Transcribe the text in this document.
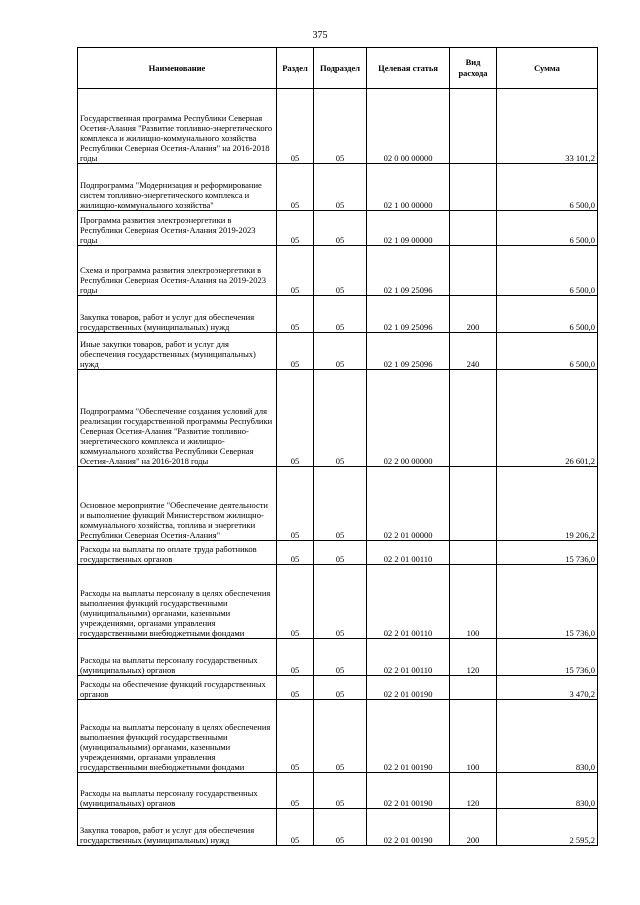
375
Наименование	Раздел	Подраздел	Целевая статья	Вид расхода	Сумма
Государственная программа Республики Северная Осетия-Алания "Развитие топливно-энергетического комплекса и жилищно-коммунального хозяйства Республики Северная Осетия-Алания" на 2016-2018 годы	05	05	02 0 00 00000		33 101,2
Подпрограмма "Модернизация и реформирование систем топливно-энергетического комплекса и жилищно-коммунального хозяйства"	05	05	02 1 00 00000		6 500,0
Программа развития электроэнергетики в Республики Северная Осетия-Алания 2019-2023 годы	05	05	02 1 09 00000		6 500,0
Схема и программа развития электроэнергетики в Республики Северная Осетия-Алания на 2019-2023 годы	05	05	02 1 09 25096		6 500,0
Закупка товаров, работ и услуг для обеспечения государственных (муниципальных) нужд	05	05	02 1 09 25096	200	6 500,0
Иные закупки товаров, работ и услуг для обеспечения государственных (муниципальных) нужд	05	05	02 1 09 25096	240	6 500,0
Подпрограмма "Обеспечение создания условий для реализации государственной программы Республики Северная Осетия-Алания "Развитие топливно-энергетического комплекса и жилищно-коммунального хозяйства Республики Северная Осетия-Алания" на 2016-2018 годы	05	05	02 2 00 00000		26 601,2
Основное мероприятие "Обеспечение деятельности и выполнение функций Министерством жилищно-коммунального хозяйства, топлива и энергетики Республики Северная Осетия-Алания"	05	05	02 2 01 00000		19 206,2
Расходы на выплаты по оплате труда работников государственных органов	05	05	02 2 01 00110		15 736,0
Расходы на выплаты персоналу в целях обеспечения выполнения функций государственными (муниципальными) органами, казенными учреждениями, органами управления государственными внебюджетными фондами	05	05	02 2 01 00110	100	15 736,0
Расходы на выплаты персоналу государственных (муниципальных) органов	05	05	02 2 01 00110	120	15 736,0
Расходы на обеспечение функций государственных органов	05	05	02 2 01 00190		3 470,2
Расходы на выплаты персоналу в целях обеспечения выполнения функций государственными (муниципальными) органами, казенными учреждениями, органами управления государственными внебюджетными фондами	05	05	02 2 01 00190	100	830,0
Расходы на выплаты персоналу государственных (муниципальных) органов	05	05	02 2 01 00190	120	830,0
Закупка товаров, работ и услуг для обеспечения государственных (муниципальных) нужд	05	05	02 2 01 00190	200	2 595,2
